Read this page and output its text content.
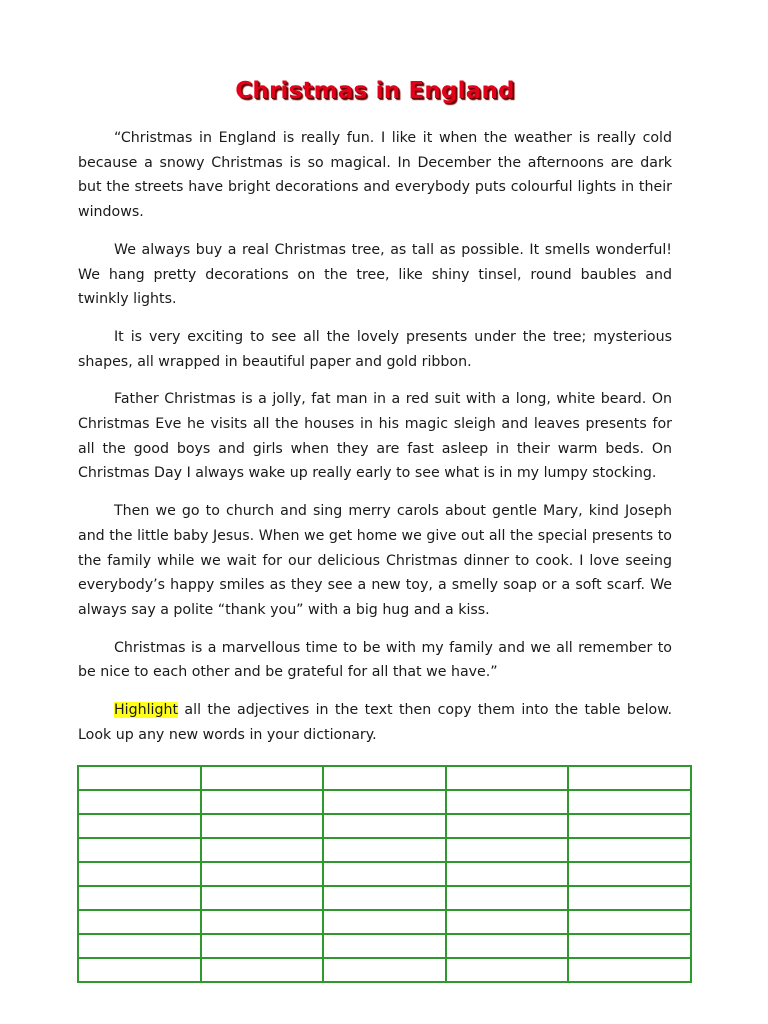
Christmas in England

“Christmas in England is really fun. I like it when the weather is really cold because a snowy Christmas is so magical. In December the afternoons are dark but the streets have bright decorations and everybody puts colourful lights in their windows.

We always buy a real Christmas tree, as tall as possible. It smells wonderful! We hang pretty decorations on the tree, like shiny tinsel, round baubles and twinkly lights.

It is very exciting to see all the lovely presents under the tree; mysterious shapes, all wrapped in beautiful paper and gold ribbon.

Father Christmas is a jolly, fat man in a red suit with a long, white beard. On Christmas Eve he visits all the houses in his magic sleigh and leaves presents for all the good boys and girls when they are fast asleep in their warm beds. On Christmas Day I always wake up really early to see what is in my lumpy stocking.

Then we go to church and sing merry carols about gentle Mary, kind Joseph and the little baby Jesus. When we get home we give out all the special presents to the family while we wait for our delicious Christmas dinner to cook. I love seeing everybody’s happy smiles as they see a new toy, a smelly soap or a soft scarf. We always say a polite “thank you” with a big hug and a kiss.

Christmas is a marvellous time to be with my family and we all remember to be nice to each other and be grateful for all that we have.”

Highlight all the adjectives in the text then copy them into the table below. Look up any new words in your dictionary.
